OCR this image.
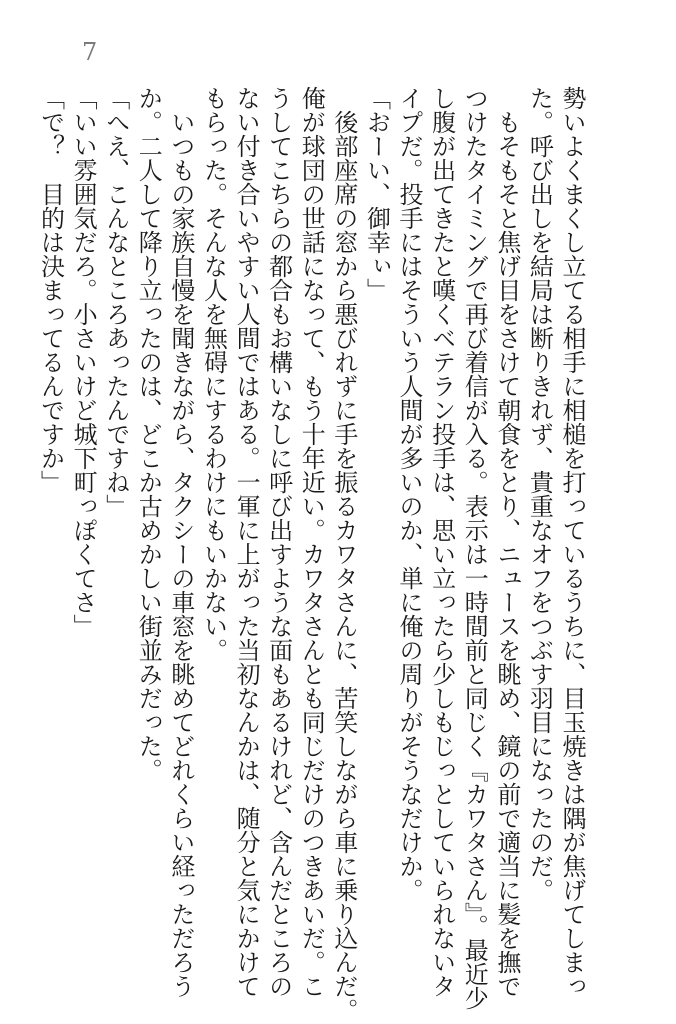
7
勢いよくまくし立てる相手に相槌を打っているうちに、目玉焼きは隅が焦げてしまっ
た。呼び出しを結局は断りきれず、貴重なオフをつぶす羽目になったのだ。
　もそもそと焦げ目をさけて朝食をとり、ニュースを眺め、鏡の前で適当に髪を撫で
つけたタイミングで再び着信が入る。表示は一時間前と同じく『カワタさん』。最近少
し腹が出てきたと嘆くベテラン投手は、思い立ったら少しもじっとしていられないタ
イプだ。投手にはそういう人間が多いのか、単に俺の周りがそうなだけか。
「おーい、御幸ぃ」
　後部座席の窓から悪びれずに手を振るカワタさんに、苦笑しながら車に乗り込んだ。
俺が球団の世話になって、もう十年近い。カワタさんとも同じだけのつきあいだ。こ
うしてこちらの都合もお構いなしに呼び出すような面もあるけれど、含んだところの
ない付き合いやすい人間ではある。一軍に上がった当初なんかは、随分と気にかけて
もらった。そんな人を無碍にするわけにもいかない。
　いつもの家族自慢を聞きながら、タクシーの車窓を眺めてどれくらい経っただろう
か。二人して降り立ったのは、どこか古めかしい街並みだった。
「へえ、こんなところあったんですね」
「いい雰囲気だろ。小さいけど城下町っぽくてさ」
「で？　目的は決まってるんですか」
